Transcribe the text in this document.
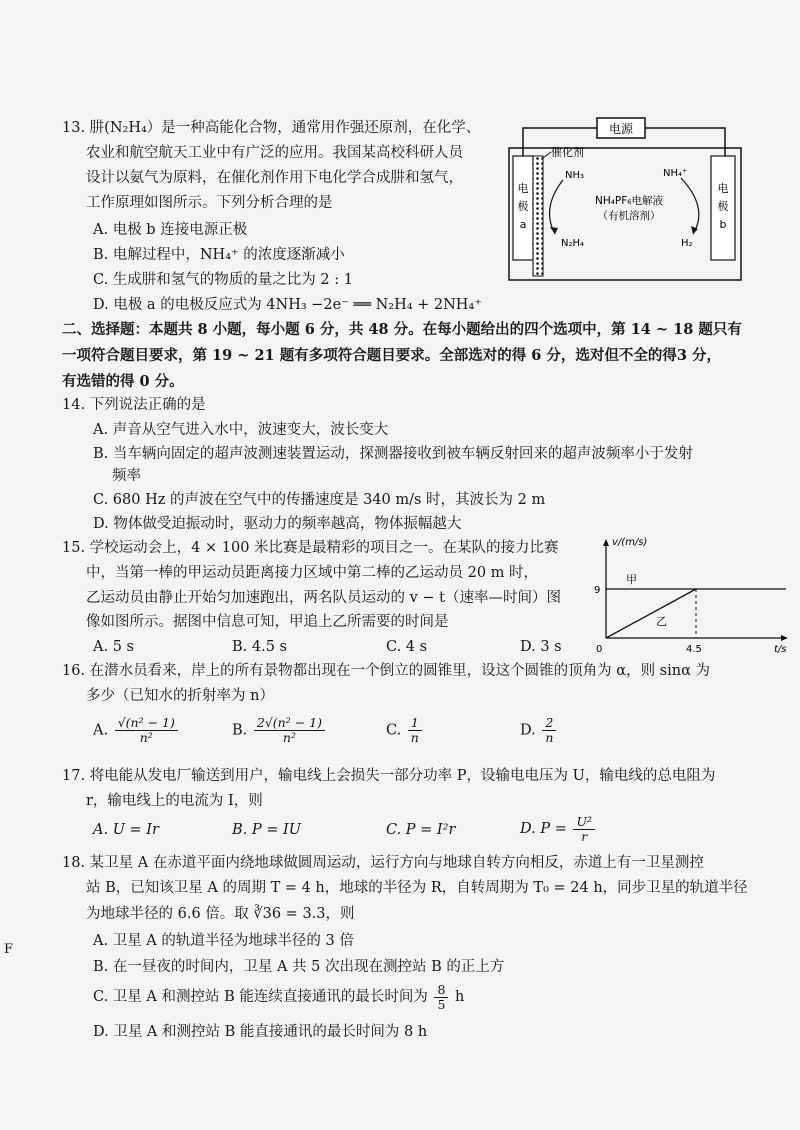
13. 肼(N₂H₄）是一种高能化合物，通常用作强还原剂，在化学、
农业和航空航天工业中有广泛的应用。我国某高校科研人员
设计以氨气为原料，在催化剂作用下电化学合成肼和氢气，
工作原理如图所示。下列分析合理的是
A. 电极 b 连接电源正极
B. 电解过程中，NH₄⁺ 的浓度逐渐减小
C. 生成肼和氢气的物质的量之比为 2 : 1
D. 电极 a 的电极反应式为 4NH₃ −2e⁻ ══ N₂H₄ + 2NH₄⁺
电源
电
极
a
催化剂
电
极
b
NH₃	NH₄⁺
NH₄PF₆电解液
（有机溶剂）
N₂H₄	H₂
二、选择题：本题共 8 小题，每小题 6 分，共 48 分。在每小题给出的四个选项中，第 14 ~ 18 题只有
一项符合题目要求，第 19 ~ 21 题有多项符合题目要求。全部选对的得 6 分，选对但不全的得3 分，
有选错的得 0 分。
14. 下列说法正确的是
A. 声音从空气进入水中，波速变大，波长变大
B. 当车辆向固定的超声波测速装置运动，探测器接收到被车辆反射回来的超声波频率小于发射
频率
C. 680 Hz 的声波在空气中的传播速度是 340 m/s 时，其波长为 2 m
D. 物体做受迫振动时，驱动力的频率越高，物体振幅越大
15. 学校运动会上，4 × 100 米比赛是最精彩的项目之一。在某队的接力比赛
中，当第一棒的甲运动员距离接力区域中第二棒的乙运动员 20 m 时，
乙运动员由静止开始匀加速跑出，两名队员运动的 v − t（速率—时间）图
像如图所示。据图中信息可知，甲追上乙所需要的时间是
A. 5 s	B. 4.5 s	C. 4 s	D. 3 s
v/(m/s)
t/s
0
9
4.5
甲
乙
16. 在潜水员看来，岸上的所有景物都出现在一个倒立的圆锥里，设这个圆锥的顶角为 α，则 sinα 为
多少（已知水的折射率为 n）
A. $\frac{\text{√(n² − 1)}}{\text{n²}}$	B. $\frac{\text{2√(n² − 1)}}{\text{n²}}$	C. $\frac{1}{n}$	D. $\frac{2}{n}$
17. 将电能从发电厂输送到用户，输电线上会损失一部分功率 P，设输电电压为 U，输电线的总电阻为
r，输电线上的电流为 I，则
A. U = Ir	B. P = IU	C. P = I²r	D. $P = \frac{\text{U²}}{r}$
18. 某卫星 A 在赤道平面内绕地球做圆周运动，运行方向与地球自转方向相反，赤道上有一卫星测控
站 B，已知该卫星 A 的周期 T = 4 h，地球的半径为 R，自转周期为 T₀ = 24 h，同步卫星的轨道半径
为地球半径的 6.6 倍。取 ∛36 = 3.3，则
A. 卫星 A 的轨道半径为地球半径的 3 倍
B. 在一昼夜的时间内，卫星 A 共 5 次出现在测控站 B 的正上方
C. 卫星 A 和测控站 B 能连续直接通讯的最长时间为 $\frac{8}{5}$ h
D. 卫星 A 和测控站 B 能直接通讯的最长时间为 8 h
F
